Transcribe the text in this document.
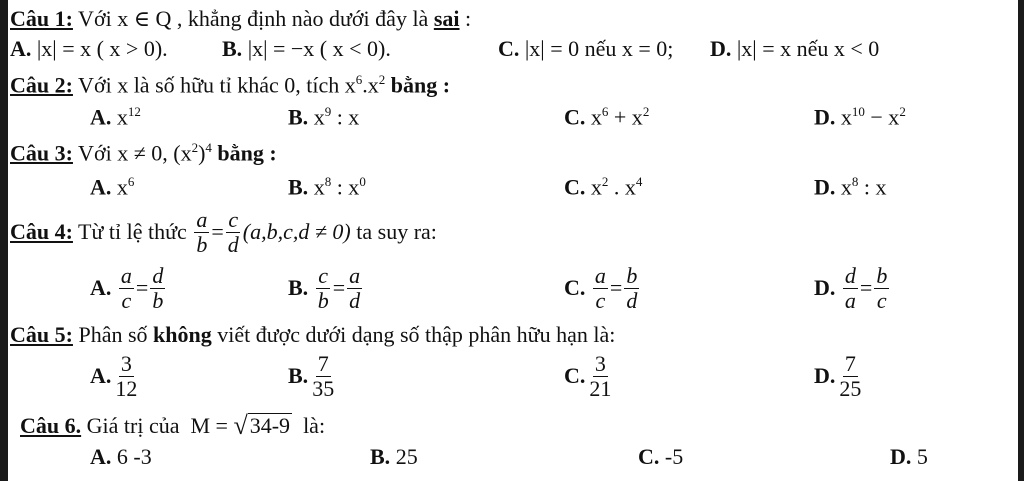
Câu 1: Với x ∈ Q , khẳng định nào dưới đây là sai :
A. |x| = x ( x > 0). B. |x| = −x ( x < 0).	C. |x| = 0 nếu x = 0; D. |x| = x nếu x < 0
Câu 2: Với x là số hữu tỉ khác 0, tích $x^6.x^2$ bằng :
A. $x^{12}$	B. $x^9$ : x	C. $x^6 + x^2$	D. $x^{10} - x^2$
Câu 3: Với x ≠ 0, $(x^2)^4$ bằng :
A. $x^6$	B. $x^8$ : $x^0$	C. $x^2$ . $x^4$	D. $x^8$ : x
Câu 4: Từ tỉ lệ thức $\frac{a}{b} = \frac{c}{d} (a,b,c,d \ne 0)$ ta suy ra:
A.
$\frac{a}{c} = \frac{d}{b}$	B.
$\frac{c}{b} = \frac{a}{d}$	C.
$\frac{a}{c} = \frac{b}{d}$	D.
$\frac{d}{a} = \frac{b}{c}$
Câu 5: Phân số không viết được dưới dạng số thập phân hữu hạn là:
A. $\frac{3}{12}$	B. $\frac{7}{35}$	C. $\frac{3}{21}$	D. $\frac{7}{25}$
Câu 6. Giá trị của  M = √ 34-9 là:
A. 6 -3	B. 25	C. -5	D. 5
